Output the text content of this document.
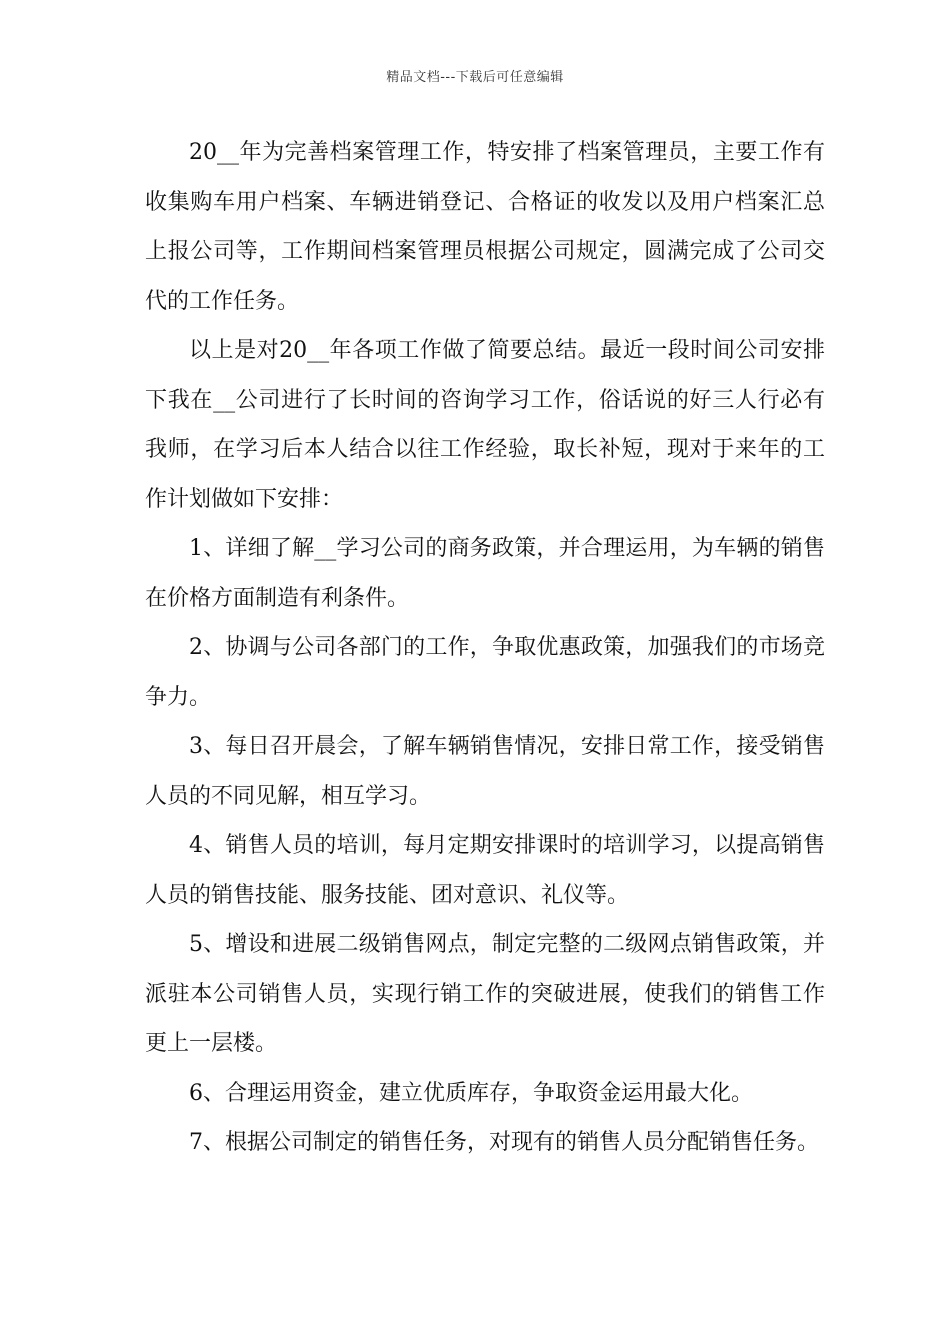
精品文档---下载后可任意编辑

20__年为完善档案管理工作，特安排了档案管理员，主要工作有收集购车用户档案、车辆进销登记、合格证的收发以及用户档案汇总上报公司等，工作期间档案管理员根据公司规定，圆满完成了公司交代的工作任务。

以上是对20__年各项工作做了简要总结。最近一段时间公司安排下我在__公司进行了长时间的咨询学习工作，俗话说的好三人行必有我师，在学习后本人结合以往工作经验，取长补短，现对于来年的工作计划做如下安排：

1、详细了解__学习公司的商务政策，并合理运用，为车辆的销售在价格方面制造有利条件。

2、协调与公司各部门的工作，争取优惠政策，加强我们的市场竞争力。

3、每日召开晨会，了解车辆销售情况，安排日常工作，接受销售人员的不同见解，相互学习。

4、销售人员的培训，每月定期安排课时的培训学习，以提高销售人员的销售技能、服务技能、团对意识、礼仪等。

5、增设和进展二级销售网点，制定完整的二级网点销售政策，并派驻本公司销售人员，实现行销工作的突破进展，使我们的销售工作更上一层楼。

6、合理运用资金，建立优质库存，争取资金运用最大化。

7、根据公司制定的销售任务，对现有的销售人员分配销售任务。
